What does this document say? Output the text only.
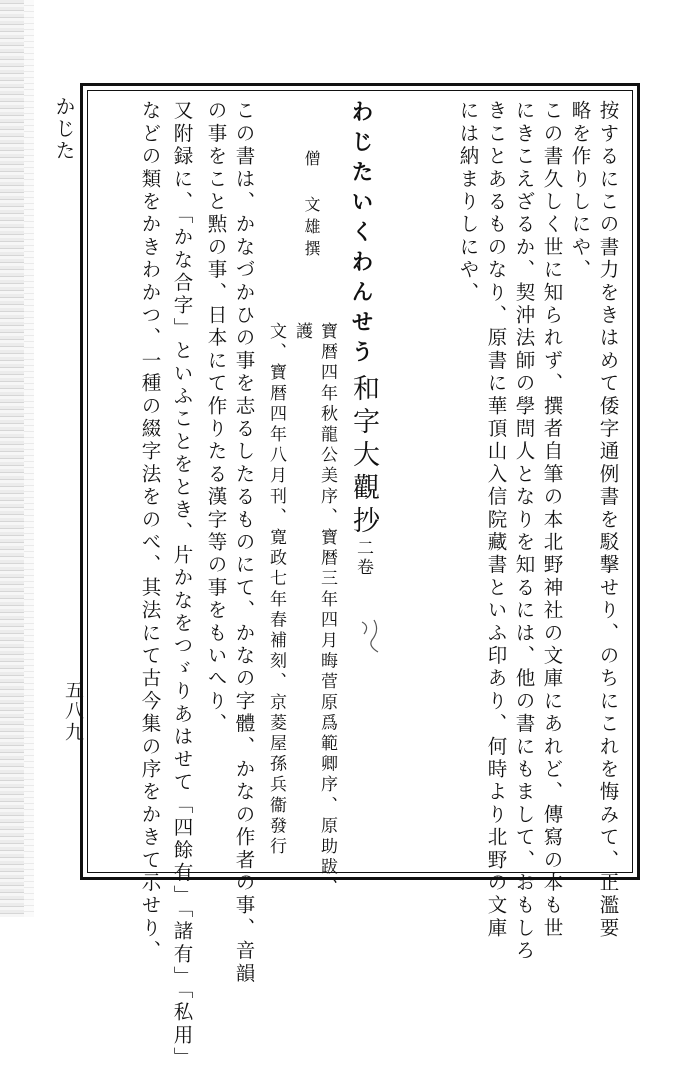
かじた
五八九	按するにこの書力をきはめて倭字通例書を駁撃せり、のちにこれを悔みて、正濫要
略を作りしにや、
この書久しく世に知られず、撰者自筆の本北野神社の文庫にあれど、傳寫の本も世
にきこえざるか、契沖法師の學問人となりを知るには、他の書にもまして、おもしろ
きことあるものなり、原書に華頂山入信院藏書といふ印あり、何時より北野の文庫
には納まりしにや、
わじたいくわんせう
僧
文雄撰
和字大觀抄二卷
寶暦四年秋龍公美序、寶暦三年四月晦菅原爲範卿序、原助跋、護
文、寶暦四年八月刊、寛政七年春補刻、京菱屋孫兵衞發行
この書は、かなづかひの事を志るしたるものにて、かなの字體、かなの作者の事、音韻
の事をこと㸃の事、日本にて作りたる漢字等の事をもいへり、
又附録に、「かな合字」といふことをとき、片かなをつゞりあはせて「四餘有」「諸有」「私用」
などの類をかきわかつ、一種の綴字法をのべ、其法にて古今集の序をかきて示せり、
